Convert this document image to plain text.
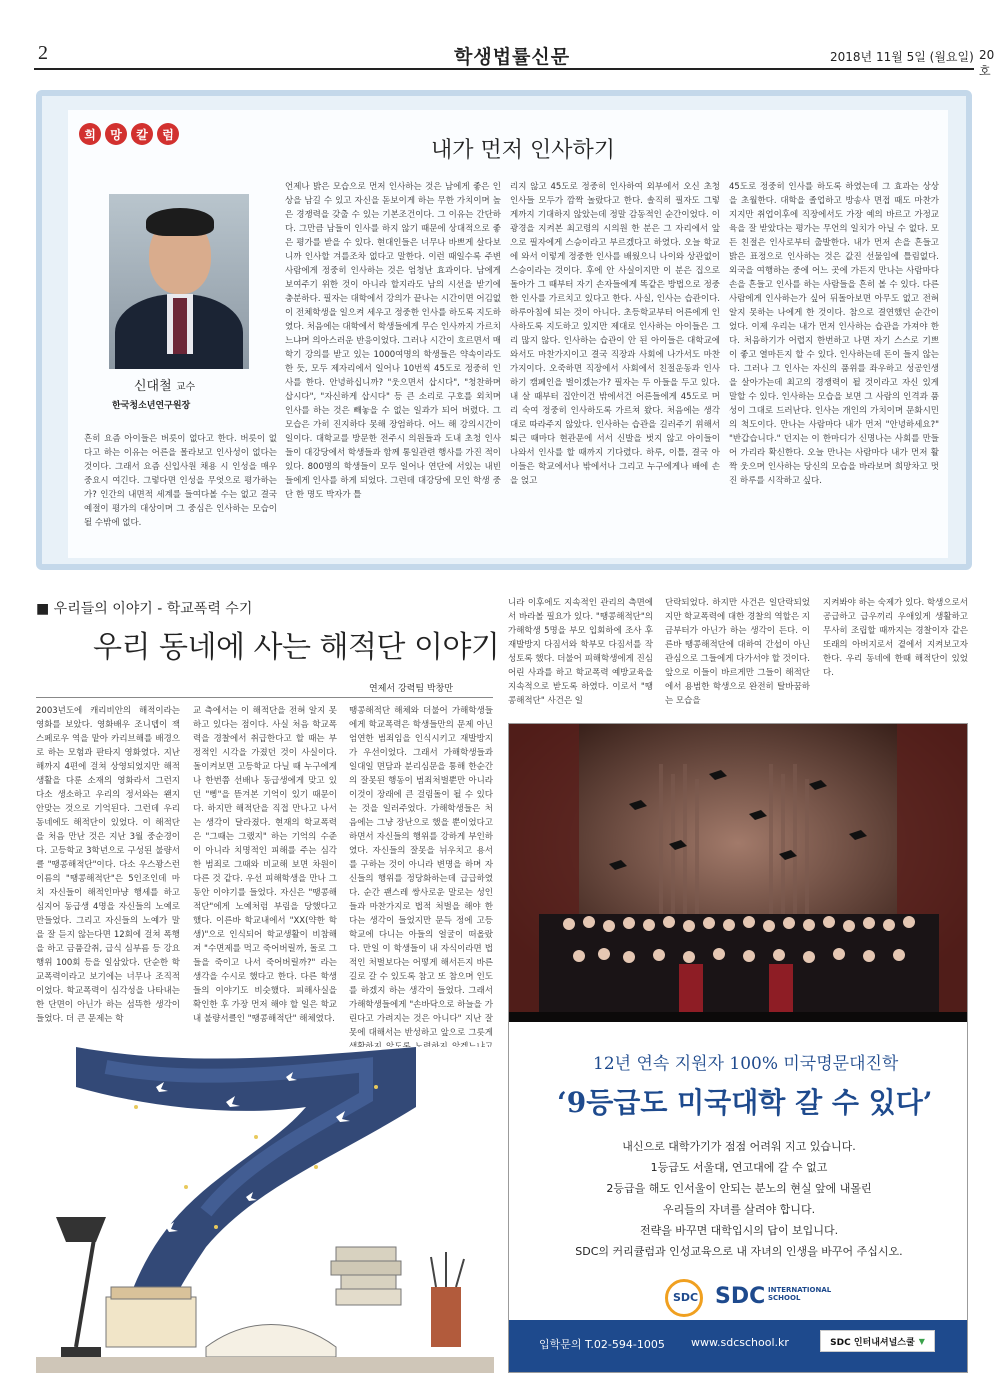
2	학생법률신문	2018년 11월 5일 (월요일) 20호
희	망	칼	럼
내가 먼저 인사하기
신대철 교수
한국청소년연구원장

흔히 요즘 아이들은 버릇이 없다고 한다. 버릇이 없다고 하는 이유는 어른을 몰라보고 인사성이 없다는 것이다. 그래서 요즘 신입사원 채용 시 인성을 매우 중요시 여긴다. 그렇다면 인성을 무엇으로 평가하는가? 인간의 내면적 세계를 들여다볼 수는 없고 결국 예절이 평가의 대상이며 그 중심은 인사하는 모습이 될 수밖에 없다.

언제나 밝은 모습으로 먼저 인사하는 것은 남에게 좋은 인상을 남길 수 있고 자신을 돋보이게 하는 무한 가치이며 높은 경쟁력을 갖출 수 있는 기본조건이다. 그 이유는 간단하다. 그만큼 남들이 인사를 하지 않기 때문에 상대적으로 좋은 평가를 받을 수 있다. 현대인들은 너무나 바쁘게 살다보니까 인사할 겨를조차 없다고 말한다. 이런 때일수록 주변 사람에게 정중히 인사하는 것은 엄청난 효과이다. 남에게 보여주기 위한 것이 아니라 할지라도 남의 시선을 받기에 충분하다. 필자는 대학에서 강의가 끝나는 시간이면 어김없이 전체학생을 일으켜 세우고 정중한 인사를 하도록 지도하였다. 처음에는 대학에서 학생들에게 무슨 인사까지 가르치느냐며 의아스러운 반응이었다. 그러나 시간이 흐르면서 매 학기 강의를 받고 있는 1000여명의 학생들은 약속이라도 한 듯, 모두 제자리에서 일어나 10번씩 45도로 정중히 인사를 한다. 안녕하십니까? "웃으면서 삽시다", "청찬하며 삽시다", "자신하게 삽시다" 등 큰 소리로 구호를 외치며 인사를 하는 것은 빼놓을 수 없는 일과가 되어 버렸다. 그 모습은 가히 진지하다 못해 장엄하다. 어느 해 강의시간이 일이다. 대학교를 방문한 전주시 의원들과 도내 초청 인사들이 대강당에서 학생들과 함께 통일관련 행사를 가진 적이 있다. 800명의 학생들이 모두 일어나 연단에 서있는 내빈들에게 인사를 하게 되었다. 그런데 대강당에 모인 학생 중 단 한 명도 박자가 틀

리지 않고 45도로 정중히 인사하여 외부에서 오신 초청인사들 모두가 깜짝 놀랐다고 한다. 솔직히 필자도 그렇게까지 기대하지 않았는데 정말 감동적인 순간이었다. 이 광경을 지켜본 최고령의 시의원 한 분은 그 자리에서 앞으로 필자에게 스승이라고 부르겠다고 하였다. 오늘 학교에 와서 이렇게 정중한 인사를 배웠으니 나이와 상관없이 스승이라는 것이다. 후에 안 사실이지만 이 분은 집으로 돌아가 그 때부터 자기 손자들에게 똑같은 방법으로 정중한 인사를 가르치고 있다고 한다. 사실, 인사는 습관이다. 하루아침에 되는 것이 아니다. 초등학교부터 어른에게 인사하도록 지도하고 있지만 제대로 인사하는 아이들은 그리 많지 않다. 인사하는 습관이 안 된 아이들은 대학교에 와서도 마찬가지이고 결국 직장과 사회에 나가서도 마찬가지이다. 오죽하면 직장에서 사회에서 친절운동과 인사하기 캠페인을 벌이겠는가? 필자는 두 아들을 두고 있다. 내 살 때부터 집안이건 밖에서건 어른들에게 45도로 머리 숙여 정중히 인사하도록 가르쳐 왔다. 처음에는 생각대로 따라주지 않았다. 인사하는 습관을 길러주기 위해서 퇴근 때마다 현관문에 서서 신발을 벗지 않고 아이들이 나와서 인사를 할 때까지 기다렸다. 하루, 이틀, 결국 아이들은 학교에서나 밖에서나 그리고 누구에게나 배에 손을 얹고

45도로 정중히 인사를 하도록 하였는데 그 효과는 상상을 초월한다. 대학을 졸업하고 방송사 면접 때도 마찬가지지만 취업이후에 직장에서도 가장 예의 바르고 가정교육을 잘 받았다는 평가는 무언의 일치가 아닐 수 없다. 모든 친절은 인사로부터 출발한다. 내가 먼저 손을 흔들고 밝은 표정으로 인사하는 것은 값진 선물임에 틀림없다. 외국을 여행하는 중에 어느 곳에 가든지 만나는 사람마다 손을 흔들고 인사를 하는 사람들을 흔히 볼 수 있다. 다른 사람에게 인사하는가 싶어 뒤돌아보면 아무도 없고 전혀 알지 못하는 나에게 한 것이다. 참으로 결연했던 순간이었다. 이제 우리는 내가 먼저 인사하는 습관을 가져야 한다. 처음하기가 어렵지 한번하고 나면 자기 스스로 기쁘이 좋고 열마든지 할 수 있다. 인사하는데 돈이 들지 않는다. 그러나 그 인사는 자신의 품위를 좌우하고 성공인생을 살아가는데 최고의 경쟁력이 될 것이라고 자신 있게 말할 수 있다. 인사하는 모습을 보면 그 사람의 인격과 품성이 그대로 드러난다. 인사는 개인의 가치이며 문화시민의 척도이다. 만나는 사람마다 내가 먼저 "안녕하세요?" "반갑습니다." 던지는 이 한마디가 신명나는 사회를 만들어 가리라 확신한다. 오늘 만나는 사람마다 내가 먼저 활짝 웃으며 인사하는 당신의 모습을 바라보며 희망차고 멋진 하루를 시작하고 싶다.

■ 우리들의 이야기 - 학교폭력 수기
우리 동네에 사는 해적단 이야기
연제서 강력팀 박창만

2003년도에 캐리비안의 해적이라는 영화를 보았다. 영화배우 조니뎁이 잭 스페로우 역을 맡아 카리브해를 배경으로 하는 모험과 판타지 영화였다. 지난해까지 4편에 걸쳐 상영되었지만 해적생활을 다룬 소재의 영화라서 그런지 다소 생소하고 우리의 정서와는 왠지 안맞는 것으로 기억된다. 그런데 우리 동네에도 해적단이 있었다. 이 해적단을 처음 만난 것은 지난 3월 중순경이다. 고등학교 3학년으로 구성된 불량서클 "땡콩해적단"이다. 다소 우스꽝스런 이름의 "땡콩해적단"은 5인조인데 마치 자신들이 해적인마냥 행세를 하고 심지어 동급생 4명을 자신들의 노예로 만들었다. 그리고 자신들의 노예가 말을 잘 듣지 않는다면 12회에 걸쳐 폭행을 하고 금품갈취, 급식 심부름 등 강요행위 100회 등을 일삼았다. 단순한 학교폭력이라고 보기에는 너무나 조직적이었다. 학교폭력이 심각성을 나타내는 한 단면이 아닌가 하는 섬뜩한 생각이 들었다. 더 큰 문제는 학

교 측에서는 이 해적단을 전혀 알지 못하고 있다는 점이다. 사실 처음 학교폭력을 경찰에서 취급한다고 할 때는 부정적인 시각을 가졌던 것이 사실이다. 돌이켜보면 고등학교 다닐 때 누구에게나 한번쯤 선배나 동급생에게 맞고 있던 "삥"을 뜯겨본 기억이 있기 때문이다. 하지만 해적단을 직접 만나고 나서는 생각이 달라졌다. 현재의 학교폭력은 "그때는 그랬지" 하는 기억의 수준이 아니라 치명적인 피해를 주는 심각한 범죄로 그때와 비교해 보면 차원이 다른 것 같다. 우선 피해학생을 만나 그동안 이야기를 들었다. 자신은 "땡콩해적단"에게 노예처럼 부림을 당했다고 했다. 이른바 학교내에서 "XX(약한 학생)"으로 인식되어 학교생활이 비참해져 "수면제를 먹고 죽어버릴까, 돌로 그들을 죽이고 나서 죽어버릴까?" 라는 생각을 수시로 했다고 한다. 다른 학생들의 이야기도 비슷했다. 피해사실을 확인한 후 가장 먼저 해야 할 일은 학교 내 불량서클인 "땡콩해적단" 해체였다.

땡콩해적단 해체와 더불어 가해학생들에게 학교폭력은 학생들만의 문제 아닌 엄연한 범죄임을 인식시키고 재발방지가 우선이었다. 그래서 가해학생들과 일대일 면담과 분리심문을 통해 한순간의 잘못된 행동이 범죄처벌뿐만 아니라 이것이 장래에 큰 걸림돌이 될 수 있다는 것을 일러주었다. 가해학생들은 처음에는 그냥 장난으로 했을 뿐이었다고 하면서 자신들의 행위를 강하게 부인하였다. 자신들의 잘못을 뉘우치고 용서를 구하는 것이 아니라 변명을 하며 자신들의 행위를 정당화하는데 급급하였다. 순간 괜스레 쌍사로운 말로는 성인들과 마찬가지로 법적 처벌을 해야 한다는 생각이 들었지만 문득 정에 고등학교에 다니는 아들의 얼굴이 떠올랐다. 만일 이 학생들이 내 자식이라면 법적인 처벌보다는 어떻게 해서든지 바른 길로 갈 수 있도록 참고 또 참으며 인도를 하겠지 하는 생각이 들었다. 그래서 가해학생들에게 "손바닥으로 하늘을 가린다고 가려지는 것은 아니다" 지난 잘못에 대해서는 반성하고 앞으로 그릇게

니라 이후에도 지속적인 관리의 측면에서 바라볼 필요가 있다. "땡콩해적단"의 가해학생 5명을 부모 입회하에 조사 후 재발방지 다짐서와 학부모 다짐서를 작성토록 했다. 더불어 피해학생에게 진심어린 사과를 하고 학교폭력 예방교육을 지속적으로 받도록 하였다. 이로서 "땡콩해적단" 사건은 일

단락되었다. 하지만 사건은 일단락되었지만 학교폭력에 대한 경찰의 역할은 지금부터가 아닌가 하는 생각이 든다. 이른바 땡콩해적단에 대하여 간섭이 아닌 관심으로 그들에게 다가서야 할 것이다. 앞으로 이들이 바르게만 그들이 해적단에서 용범한 학생으로 완전히 탈바꿈하는 모습을

지켜봐야 하는 숙제가 있다. 학생으로서 공급하고 급우끼리 우애있게 생활하고 무사히 조립할 때까지는 경찰이자 같은 또래의 아버지로서 곁에서 지켜보고자 한다. 우리 동네에 한때 해적단이 있었다.

12년 연속 지원자 100% 미국명문대진학
‘9등급도 미국대학 갈 수 있다’
내신으로 대학가기가 점점 어려워 지고 있습니다.
1등급도 서울대, 연고대에 갈 수 없고
2등급을 해도 인서울이 안되는 분노의 현실 앞에 내몰린
우리들의 자녀를 살려야 합니다.
전략을 바꾸면 대학입시의 답이 보입니다.
SDC의 커리큘럼과 인성교육으로 내 자녀의 인생을 바꾸어 주십시오.
SDC SDC INTERNATIONAL
SCHOOL
입학문의 T.02-594-1005 www.sdcschool.kr	SDC 인터내셔널스쿨 ▼
